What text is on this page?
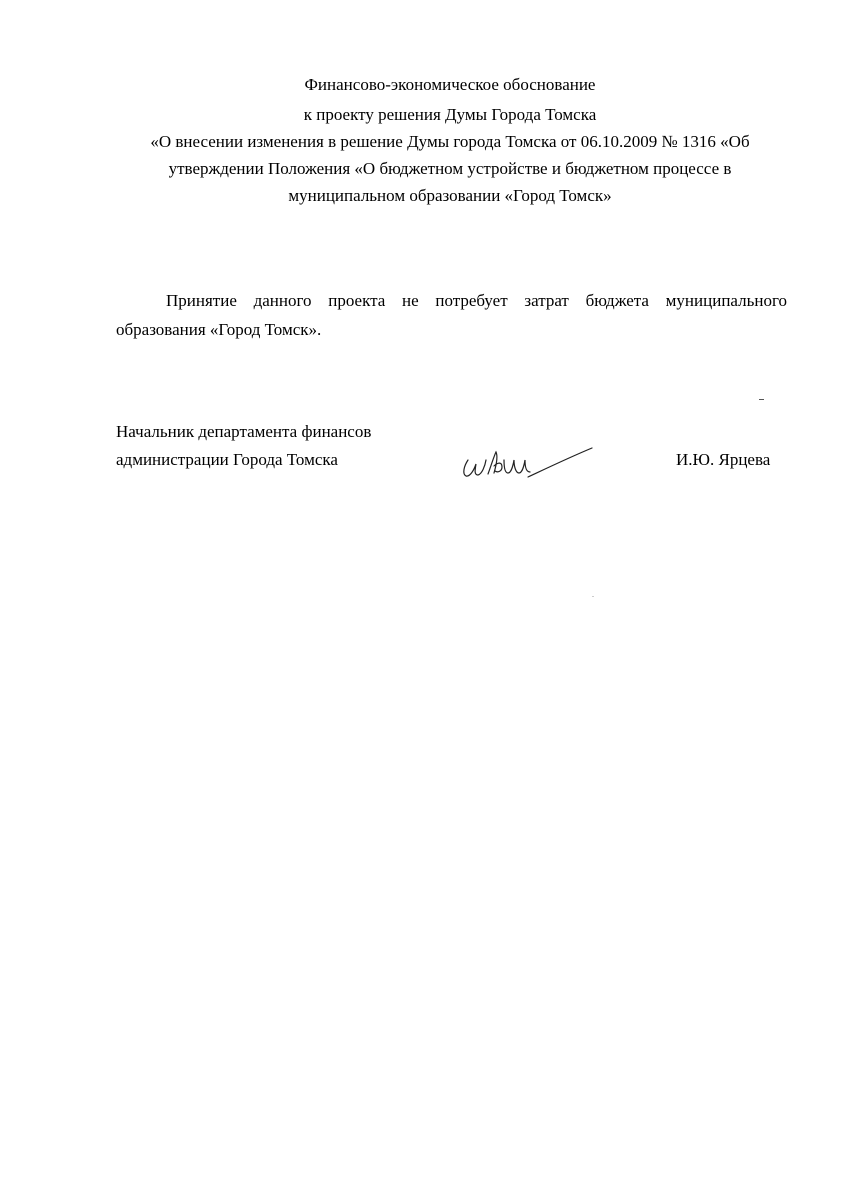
Финансово-экономическое обоснование
к проекту решения Думы Города Томска
«О внесении изменения в решение Думы города Томска от 06.10.2009 № 1316 «Об
утверждении Положения «О бюджетном устройстве и бюджетном процессе в
муниципальном образовании «Город Томск»

Принятие данного проекта не потребует затрат бюджета муниципального образования «Город Томск».

Начальник департамента финансов
администрации Города Томска	И.Ю. Ярцева
